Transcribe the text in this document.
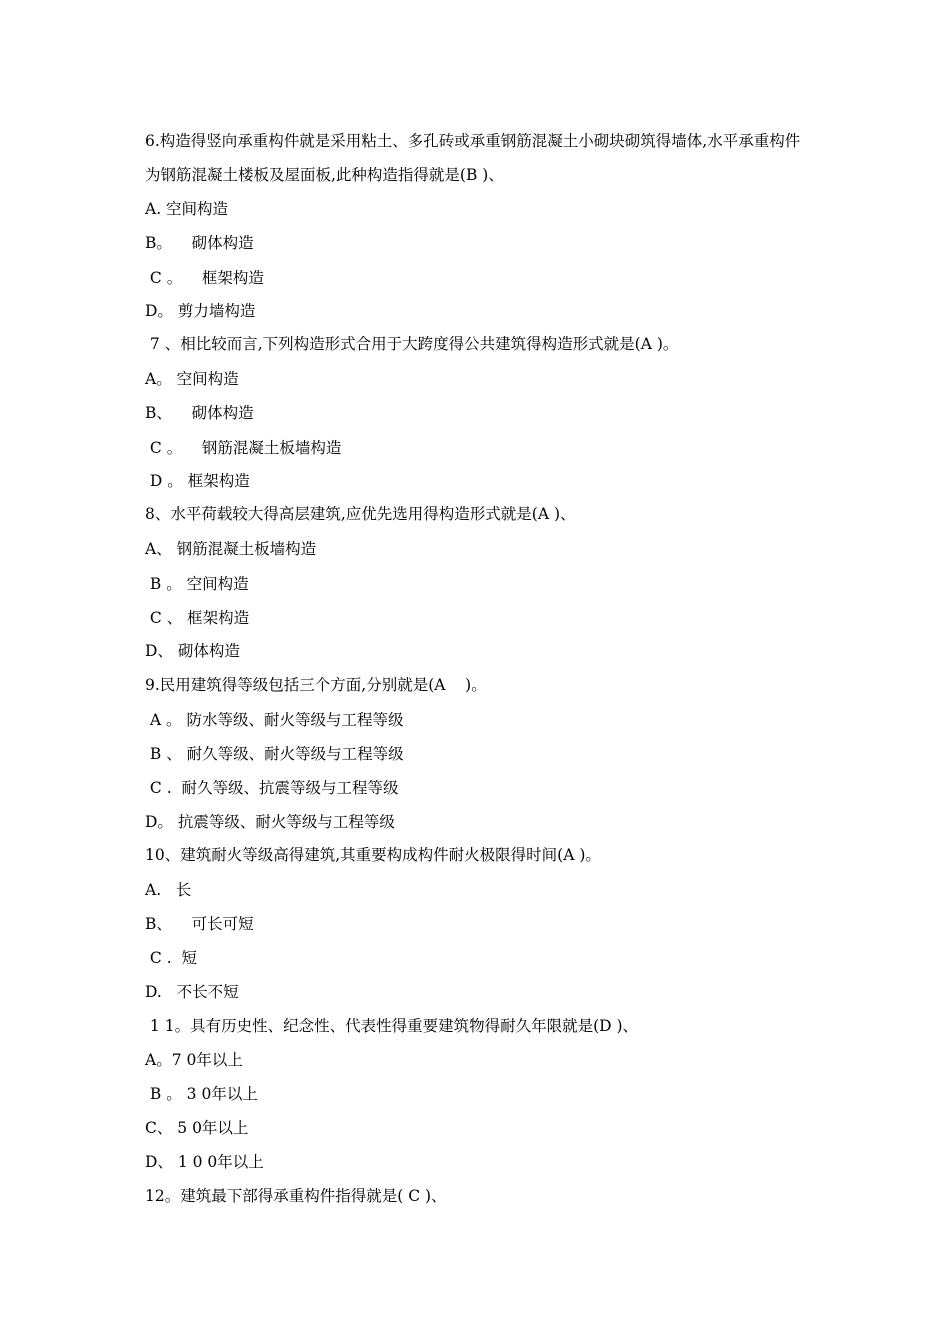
6.构造得竖向承重构件就是采用粘土、多孔砖或承重钢筋混凝土小砌块砌筑得墙体,水平承重构件为钢筋混凝土楼板及屋面板,此种构造指得就是(B )、
A. 空间构造
B。    砌体构造
C 。    框架构造
D。 剪力墙构造
7 、相比较而言,下列构造形式合用于大跨度得公共建筑得构造形式就是(A )。
A。 空间构造
B、    砌体构造
C 。    钢筋混凝土板墙构造
D 。 框架构造
8、水平荷载较大得高层建筑,应优先选用得构造形式就是(A )、
A、 钢筋混凝土板墙构造
B 。 空间构造
C 、 框架构造
D、 砌体构造
9.民用建筑得等级包括三个方面,分别就是(A    )。
A 。 防水等级、耐火等级与工程等级
B 、 耐久等级、耐火等级与工程等级
C .  耐久等级、抗震等级与工程等级
D。 抗震等级、耐火等级与工程等级
10、建筑耐火等级高得建筑,其重要构成构件耐火极限得时间(A )。
A.   长
B、    可长可短
C .  短
D.   不长不短
1 1。具有历史性、纪念性、代表性得重要建筑物得耐久年限就是(D )、
A。7 0年以上
B 。 3 0年以上
C、 5 0年以上
D、 1 0 0年以上
12。建筑最下部得承重构件指得就是( C )、
